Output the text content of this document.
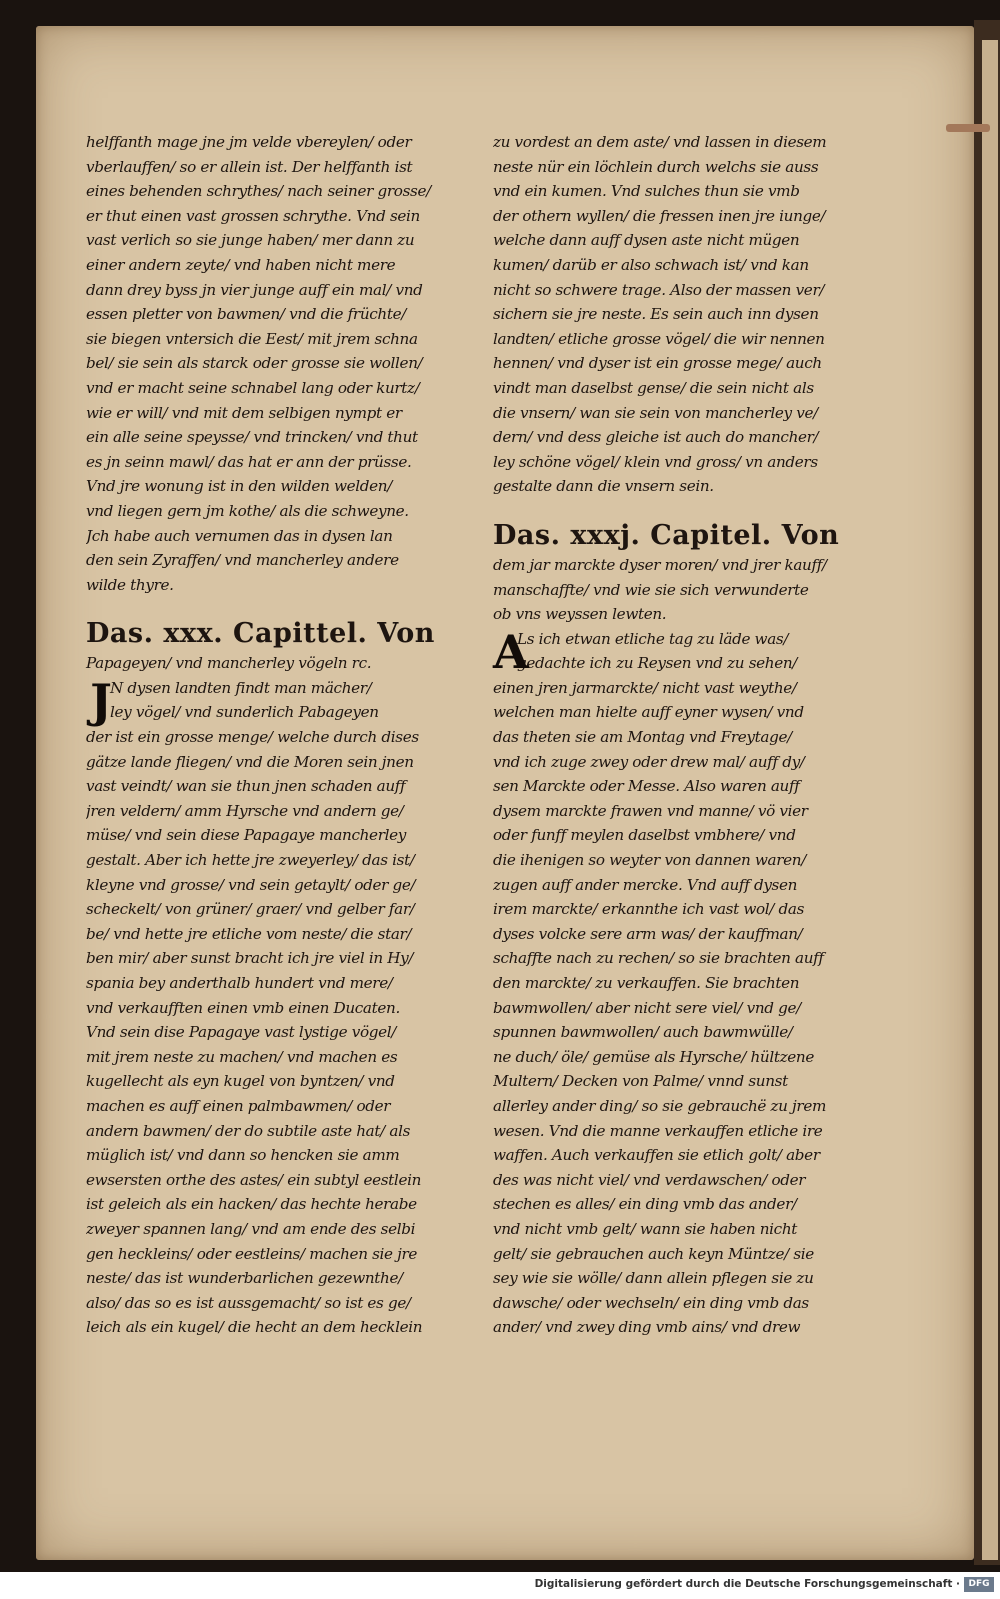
helffanth mage jne jm velde vbereylen/ oder
vberlauffen/ so er allein ist. Der helffanth ist
eines behenden schrythes/ nach seiner grosse/
er thut einen vast grossen schrythe. Vnd sein
vast verlich so sie junge haben/ mer dann zu
einer andern zeyte/ vnd haben nicht mere
dann drey byss jn vier junge auff ein mal/ vnd
essen pletter von bawmen/ vnd die früchte/
sie biegen vntersich die Eest/ mit jrem schna
bel/ sie sein als starck oder grosse sie wollen/
vnd er macht seine schnabel lang oder kurtz/
wie er will/ vnd mit dem selbigen nympt er
ein alle seine speysse/ vnd trincken/ vnd thut
es jn seinn mawl/ das hat er ann der prüsse.
Vnd jre wonung ist in den wilden welden/
vnd liegen gern jm kothe/ als die schweyne.
Jch habe auch vernumen das in dysen lan
den sein Zyraffen/ vnd mancherley andere
wilde thyre.
Das. xxx. Capittel. Von
Papageyen/ vnd mancherley vögeln rc.
J
N dysen landten findt man mächer/
ley vögel/ vnd sunderlich Pabageyen
der ist ein grosse menge/ welche durch dises
gätze lande fliegen/ vnd die Moren sein jnen
vast veindt/ wan sie thun jnen schaden auff
jren veldern/ amm Hyrsche vnd andern ge/
müse/ vnd sein diese Papagaye mancherley
gestalt. Aber ich hette jre zweyerley/ das ist/
kleyne vnd grosse/ vnd sein getaylt/ oder ge/
scheckelt/ von grüner/ graer/ vnd gelber far/
be/ vnd hette jre etliche vom neste/ die star/
ben mir/ aber sunst bracht ich jre viel in Hy/
spania bey anderthalb hundert vnd mere/
vnd verkaufften einen vmb einen Ducaten.
Vnd sein dise Papagaye vast lystige vögel/
mit jrem neste zu machen/ vnd machen es
kugellecht als eyn kugel von byntzen/ vnd
machen es auff einen palmbawmen/ oder
andern bawmen/ der do subtile aste hat/ als
müglich ist/ vnd dann so hencken sie amm
ewsersten orthe des astes/ ein subtyl eestlein
ist geleich als ein hacken/ das hechte herabe
zweyer spannen lang/ vnd am ende des selbi
gen heckleins/ oder eestleins/ machen sie jre
neste/ das ist wunderbarlichen gezewnthe/
also/ das so es ist aussgemacht/ so ist es ge/
leich als ein kugel/ die hecht an dem hecklein
zu vordest an dem aste/ vnd lassen in diesem
neste nür ein löchlein durch welchs sie auss
vnd ein kumen. Vnd sulches thun sie vmb
der othern wyllen/ die fressen inen jre iunge/
welche dann auff dysen aste nicht mügen
kumen/ darüb er also schwach ist/ vnd kan
nicht so schwere trage. Also der massen ver/
sichern sie jre neste. Es sein auch inn dysen
landten/ etliche grosse vögel/ die wir nennen
hennen/ vnd dyser ist ein grosse mege/ auch
vindt man daselbst gense/ die sein nicht als
die vnsern/ wan sie sein von mancherley ve/
dern/ vnd dess gleiche ist auch do mancher/
ley schöne vögel/ klein vnd gross/ vn anders
gestalte dann die vnsern sein.
Das. xxxj. Capitel. Von
dem jar marckte dyser moren/ vnd jrer kauff/
manschaffte/ vnd wie sie sich verwunderte
ob vns weyssen lewten.
A
Ls ich etwan etliche tag zu läde was/
gedachte ich zu Reysen vnd zu sehen/
einen jren jarmarckte/ nicht vast weythe/
welchen man hielte auff eyner wysen/ vnd
das theten sie am Montag vnd Freytage/
vnd ich zuge zwey oder drew mal/ auff dy/
sen Marckte oder Messe. Also waren auff
dysem marckte frawen vnd manne/ vö vier
oder funff meylen daselbst vmbhere/ vnd
die ihenigen so weyter von dannen waren/
zugen auff ander mercke. Vnd auff dysen
irem marckte/ erkannthe ich vast wol/ das
dyses volcke sere arm was/ der kauffman/
schaffte nach zu rechen/ so sie brachten auff
den marckte/ zu verkauffen. Sie brachten
bawmwollen/ aber nicht sere viel/ vnd ge/
spunnen bawmwollen/ auch bawmwülle/
ne duch/ öle/ gemüse als Hyrsche/ hültzene
Multern/ Decken von Palme/ vnnd sunst
allerley ander ding/ so sie gebrauchë zu jrem
wesen. Vnd die manne verkauffen etliche ire
waffen. Auch verkauffen sie etlich golt/ aber
des was nicht viel/ vnd verdawschen/ oder
stechen es alles/ ein ding vmb das ander/
vnd nicht vmb gelt/ wann sie haben nicht
gelt/ sie gebrauchen auch keyn Müntze/ sie
sey wie sie wölle/ dann allein pflegen sie zu
dawsche/ oder wechseln/ ein ding vmb das
ander/ vnd zwey ding vmb ains/ vnd drew
Digitalisierung gefördert durch die Deutsche Forschungsgemeinschaft · DFG
